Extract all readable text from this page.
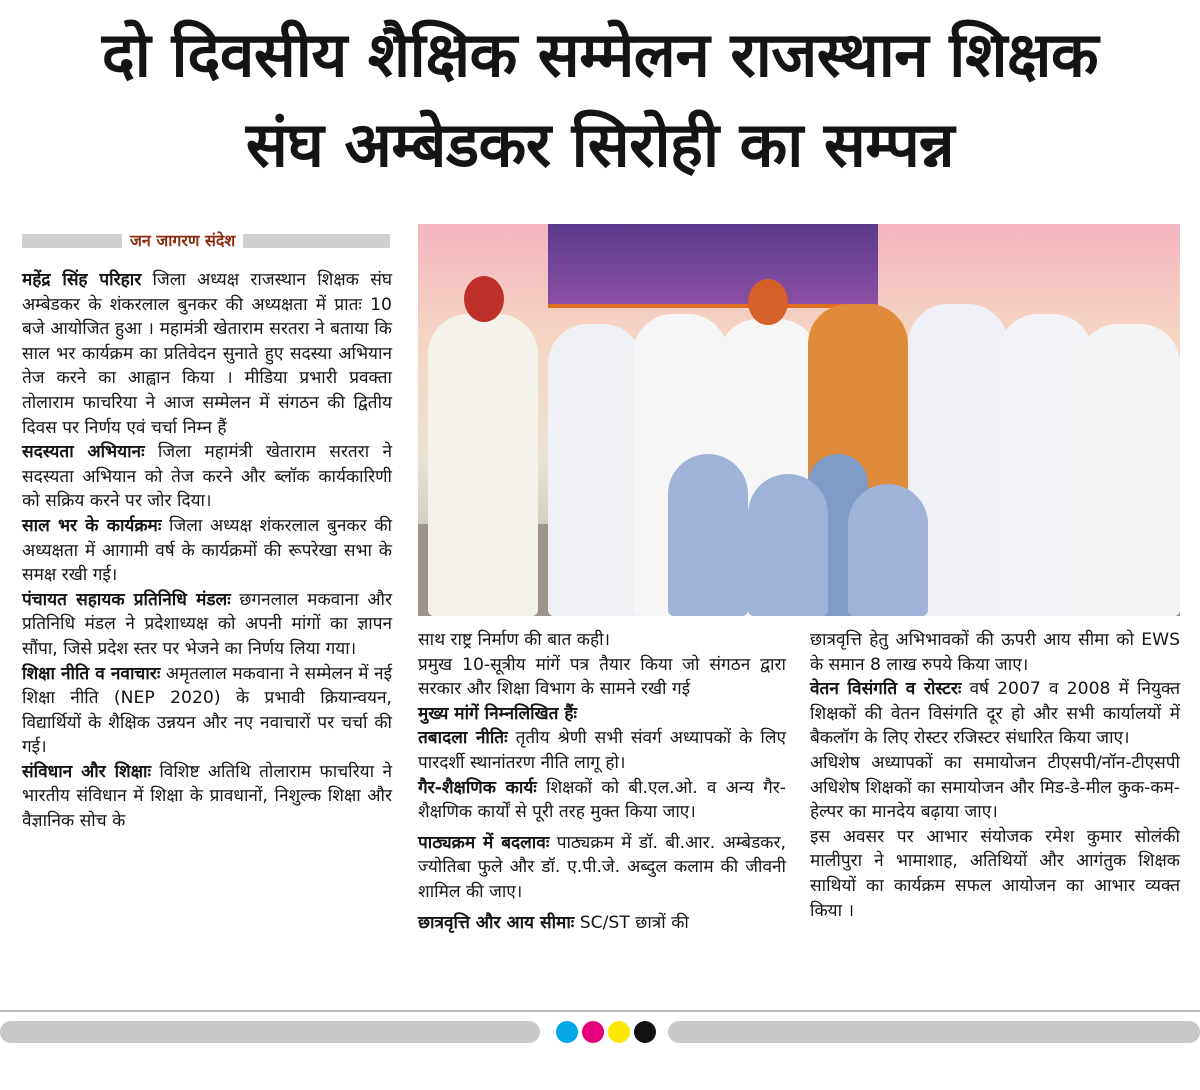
दो दिवसीय शैक्षिक सम्मेलन राजस्थान शिक्षक
संघ अम्बेडकर सिरोही का सम्पन्न
जन जागरण संदेश

महेंद्र सिंह परिहार जिला अध्यक्ष राजस्थान शिक्षक संघ अम्बेडकर के शंकरलाल बुनकर की अध्यक्षता में प्रातः 10 बजे आयोजित हुआ । महामंत्री खेताराम सरतरा ने बताया कि साल भर कार्यक्रम का प्रतिवेदन सुनाते हुए सदस्या अभियान तेज करने का आह्वान किया । मीडिया प्रभारी प्रवक्ता तोलाराम फाचरिया ने आज सम्मेलन में संगठन की द्वितीय दिवस पर निर्णय एवं चर्चा निम्न हैं

सदस्यता अभियानः जिला महामंत्री खेताराम सरतरा ने सदस्यता अभियान को तेज करने और ब्लॉक कार्यकारिणी को सक्रिय करने पर जोर दिया।

साल भर के कार्यक्रमः जिला अध्यक्ष शंकरलाल बुनकर की अध्यक्षता में आगामी वर्ष के कार्यक्रमों की रूपरेखा सभा के समक्ष रखी गई।

पंचायत सहायक प्रतिनिधि मंडलः छगनलाल मकवाना और प्रतिनिधि मंडल ने प्रदेशाध्यक्ष को अपनी मांगों का ज्ञापन सौंपा, जिसे प्रदेश स्तर पर भेजने का निर्णय लिया गया।

शिक्षा नीति व नवाचारः अमृतलाल मकवाना ने सम्मेलन में नई शिक्षा नीति (NEP 2020) के प्रभावी क्रियान्वयन, विद्यार्थियों के शैक्षिक उन्नयन और नए नवाचारों पर चर्चा की गई।

संविधान और शिक्षाः विशिष्ट अतिथि तोलाराम फाचरिया ने भारतीय संविधान में शिक्षा के प्रावधानों, निशुल्क शिक्षा और वैज्ञानिक सोच के

साथ राष्ट्र निर्माण की बात कही।

प्रमुख 10-सूत्रीय मांगें पत्र तैयार किया जो संगठन द्वारा सरकार और शिक्षा विभाग के सामने रखी गई

मुख्य मांगें निम्नलिखित हैंः

तबादला नीतिः तृतीय श्रेणी सभी संवर्ग अध्यापकों के लिए पारदर्शी स्थानांतरण नीति लागू हो।

गैर-शैक्षणिक कार्यः शिक्षकों को बी.एल.ओ. व अन्य गैर-शैक्षणिक कार्यों से पूरी तरह मुक्त किया जाए।

पाठ्यक्रम में बदलावः पाठ्यक्रम में डॉ. बी.आर. अम्बेडकर, ज्योतिबा फुले और डॉ. ए.पी.जे. अब्दुल कलाम की जीवनी शामिल की जाए।

छात्रवृत्ति और आय सीमाः SC/ST छात्रों की

छात्रवृत्ति हेतु अभिभावकों की ऊपरी आय सीमा को EWS के समान 8 लाख रुपये किया जाए।

वेतन विसंगति व रोस्टरः वर्ष 2007 व 2008 में नियुक्त शिक्षकों की वेतन विसंगति दूर हो और सभी कार्यालयों में बैकलॉग के लिए रोस्टर रजिस्टर संधारित किया जाए।

अधिशेष अध्यापकों का समायोजन टीएसपी/नॉन-टीएसपी अधिशेष शिक्षकों का समायोजन और मिड-डे-मील कुक-कम-हेल्पर का मानदेय बढ़ाया जाए।

इस अवसर पर आभार संयोजक रमेश कुमार सोलंकी मालीपुरा ने भामाशाह, अतिथियों और आगंतुक शिक्षक साथियों का कार्यक्रम सफल आयोजन का आभार व्यक्त किया ।
